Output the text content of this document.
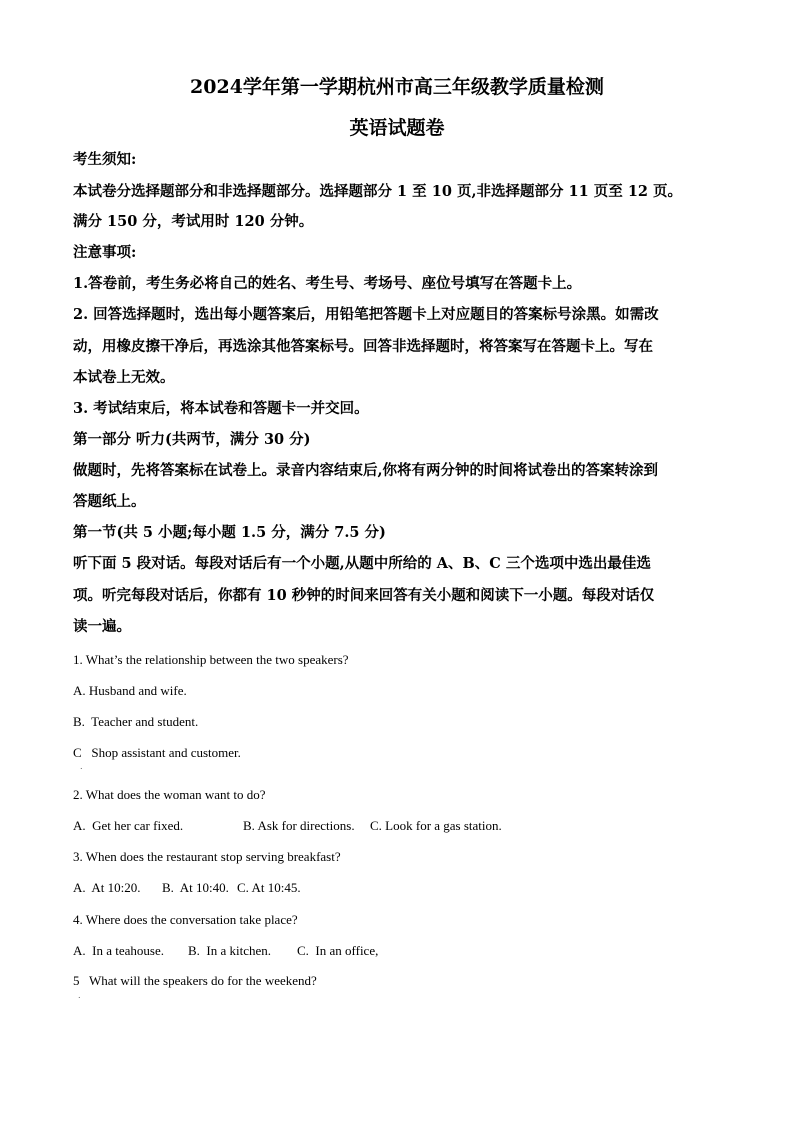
2024学年第一学期杭州市高三年级教学质量检测
英语试题卷
考生须知:
本试卷分选择题部分和非选择题部分。选择题部分 1 至 10 页,非选择题部分 11 页至 12 页。
满分 150 分，考试用时 120 分钟。
注意事项:
1.答卷前，考生务必将自己的姓名、考生号、考场号、座位号填写在答题卡上。
2. 回答选择题时，选出每小题答案后，用铅笔把答题卡上对应题目的答案标号涂黑。如需改
动，用橡皮擦干净后，再选涂其他答案标号。回答非选择题时，将答案写在答题卡上。写在
本试卷上无效。
3. 考试结束后，将本试卷和答题卡一并交回。
第一部分 听力(共两节，满分 30 分)
做题时，先将答案标在试卷上。录音内容结束后,你将有两分钟的时间将试卷出的答案转涂到
答题纸上。
第一节(共 5 小题;每小题 1.5 分，满分 7.5 分)
听下面 5 段对话。每段对话后有一个小题,从题中所给的 A、B、C 三个选项中选出最佳选
项。听完每段对话后，你都有 10 秒钟的时间来回答有关小题和阅读下一小题。每段对话仅
读一遍。
1. What’s the relationship between the two speakers?
A. Husband and wife.
B.  Teacher and student.
C   Shop assistant and customer.
.
2. What does the woman want to do?

A.  Get her car fixed.

	B. Ask for directions.

C. Look for a gas station.

3. When does the restaurant stop serving breakfast?

A.  At 10:20.

B.  At 10:40.

C. At 10:45.

4. Where does the conversation take place?

A.  In a teahouse.

B.  In a kitchen.

C.  In an office,

5   What will the speakers do for the weekend?
.
